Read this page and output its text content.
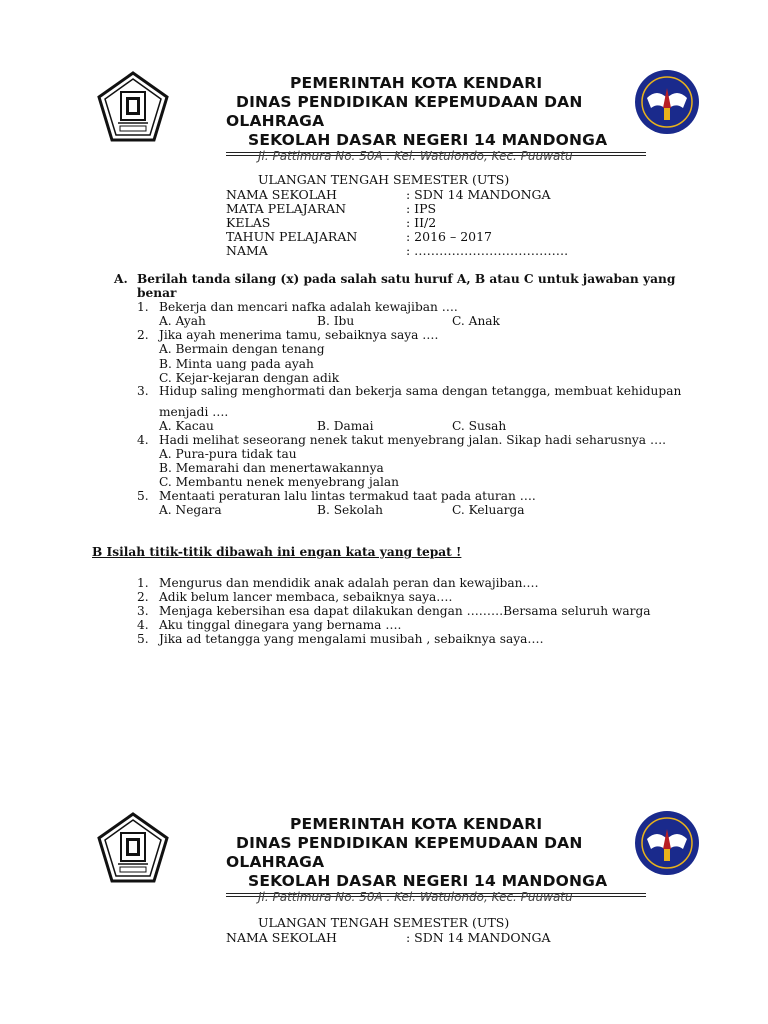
PEMERINTAH KOTA KENDARI
DINAS PENDIDIKAN KEPEMUDAAN DAN
OLAHRAGA
SEKOLAH DASAR NEGERI 14 MANDONGA
Jl. Pattimura No. 50A . Kel. Watulondo, Kec. Puuwatu
ULANGAN TENGAH SEMESTER (UTS)
NAMA SEKOLAH	: SDN 14 MANDONGA
MATA PELAJARAN	: IPS
KELAS	: II/2
TAHUN PELAJARAN	: 2016 – 2017
NAMA	: ……………………………….
A. Berilah tanda silang (x) pada salah satu huruf A, B atau C untuk jawaban yang
benar
1. Bekerja dan mencari nafka adalah kewajiban ….
A. Ayah	B. Ibu	C. Anak
2. Jika ayah menerima tamu, sebaiknya saya ….
A. Bermain dengan tenang
B. Minta uang pada ayah
C. Kejar-kejaran dengan adik
3. Hidup saling menghormati dan bekerja sama dengan tetangga, membuat kehidupan
menjadi ….
A. Kacau	B. Damai	C. Susah
4. Hadi melihat seseorang nenek takut menyebrang jalan. Sikap hadi seharusnya ….
A. Pura-pura tidak tau
B. Memarahi dan menertawakannya
C. Membantu nenek menyebrang jalan
5. Mentaati peraturan lalu lintas termakud taat pada aturan ….
A. Negara	B. Sekolah	C. Keluarga
B Isilah titik-titik dibawah ini engan kata yang tepat !
1. Mengurus dan mendidik anak adalah peran dan kewajiban….
2. Adik belum lancer membaca, sebaiknya saya….
3. Menjaga kebersihan esa dapat dilakukan dengan ………Bersama seluruh warga
4. Aku tinggal dinegara yang bernama ….
5. Jika ad tetangga yang mengalami musibah , sebaiknya saya….
PEMERINTAH KOTA KENDARI
DINAS PENDIDIKAN KEPEMUDAAN DAN
OLAHRAGA
SEKOLAH DASAR NEGERI 14 MANDONGA
Jl. Pattimura No. 50A . Kel. Watulondo, Kec. Puuwatu
ULANGAN TENGAH SEMESTER (UTS)
NAMA SEKOLAH	: SDN 14 MANDONGA
